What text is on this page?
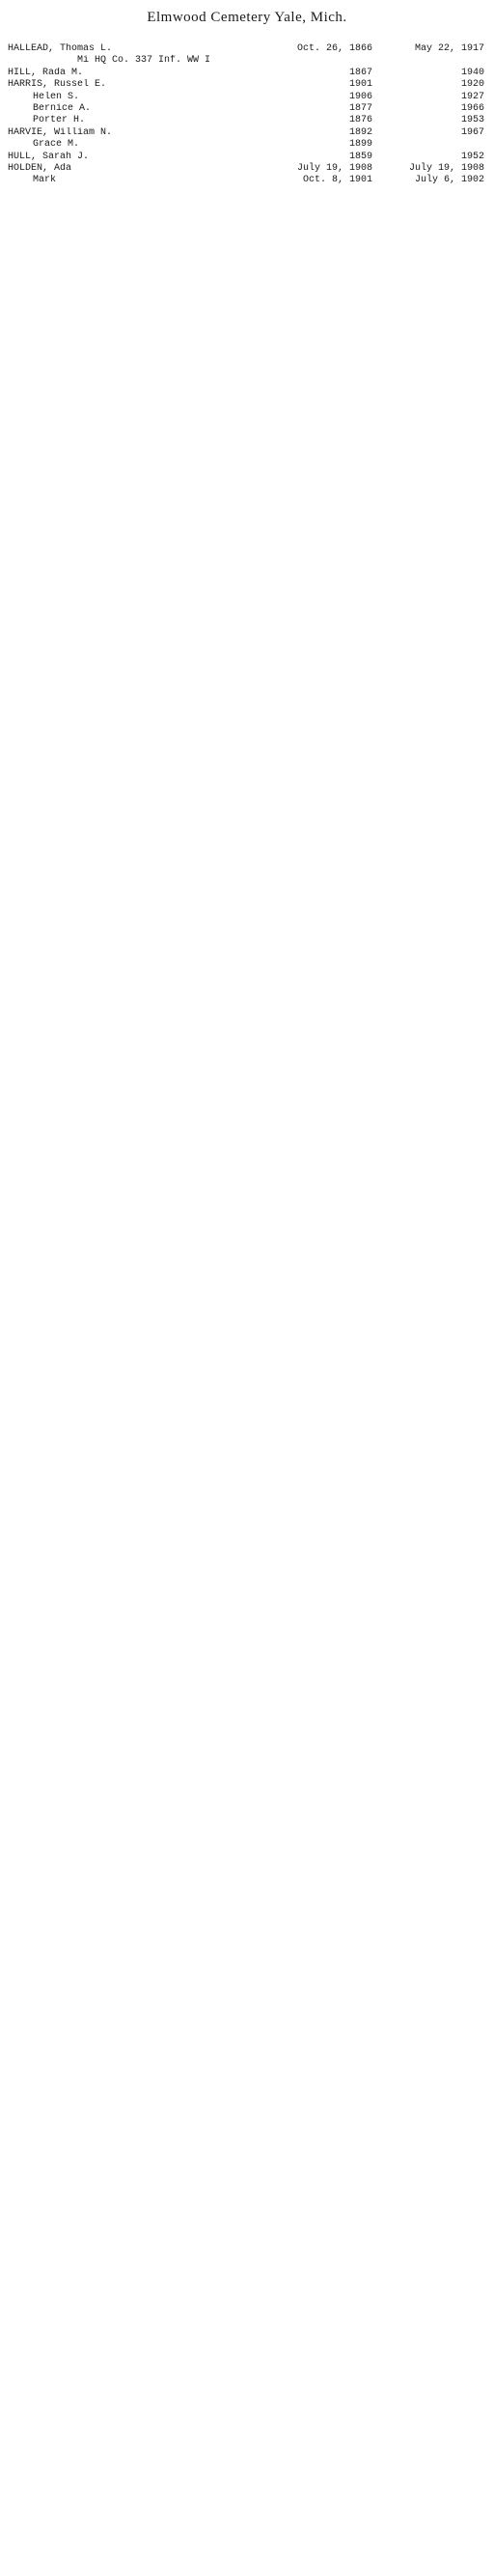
Elmwood Cemetery Yale, Mich.
HALLEAD, Thomas L.	Oct. 26, 1866	May 22, 1917
Mi HQ Co. 337 Inf. WW I
HILL, Rada M.	1867	1940
HARRIS, Russel E.	1901	1920
Helen S.	1906	1927
Bernice A.	1877	1966
Porter H.	1876	1953
HARVIE, William N.	1892	1967
Grace M.	1899
HULL, Sarah J.	1859	1952
HOLDEN, Ada	July 19, 1908	July 19, 1908
Mark	Oct. 8, 1901	July 6, 1902
